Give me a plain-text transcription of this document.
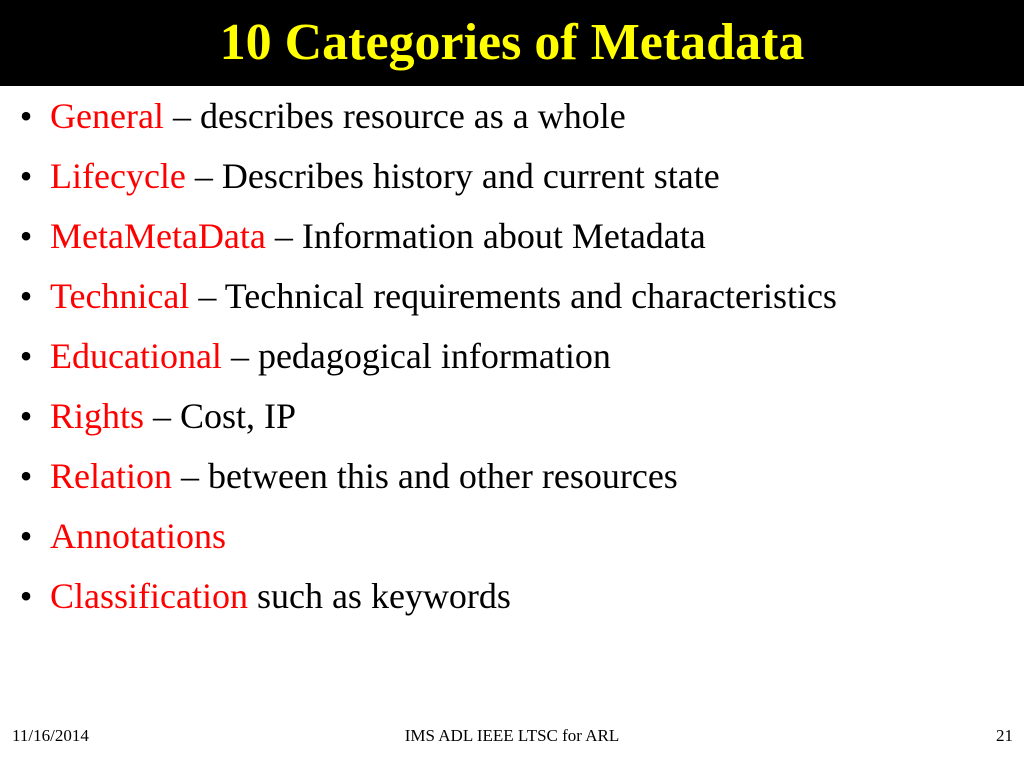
10 Categories of Metadata
• General – describes resource as a whole
• Lifecycle – Describes history and current state
• MetaMetaData – Information about Metadata
• Technical – Technical requirements and characteristics
• Educational – pedagogical information
• Rights – Cost, IP
• Relation – between this and other resources
• Annotations
• Classification such as keywords
11/16/2014	IMS ADL IEEE LTSC for ARL	21
